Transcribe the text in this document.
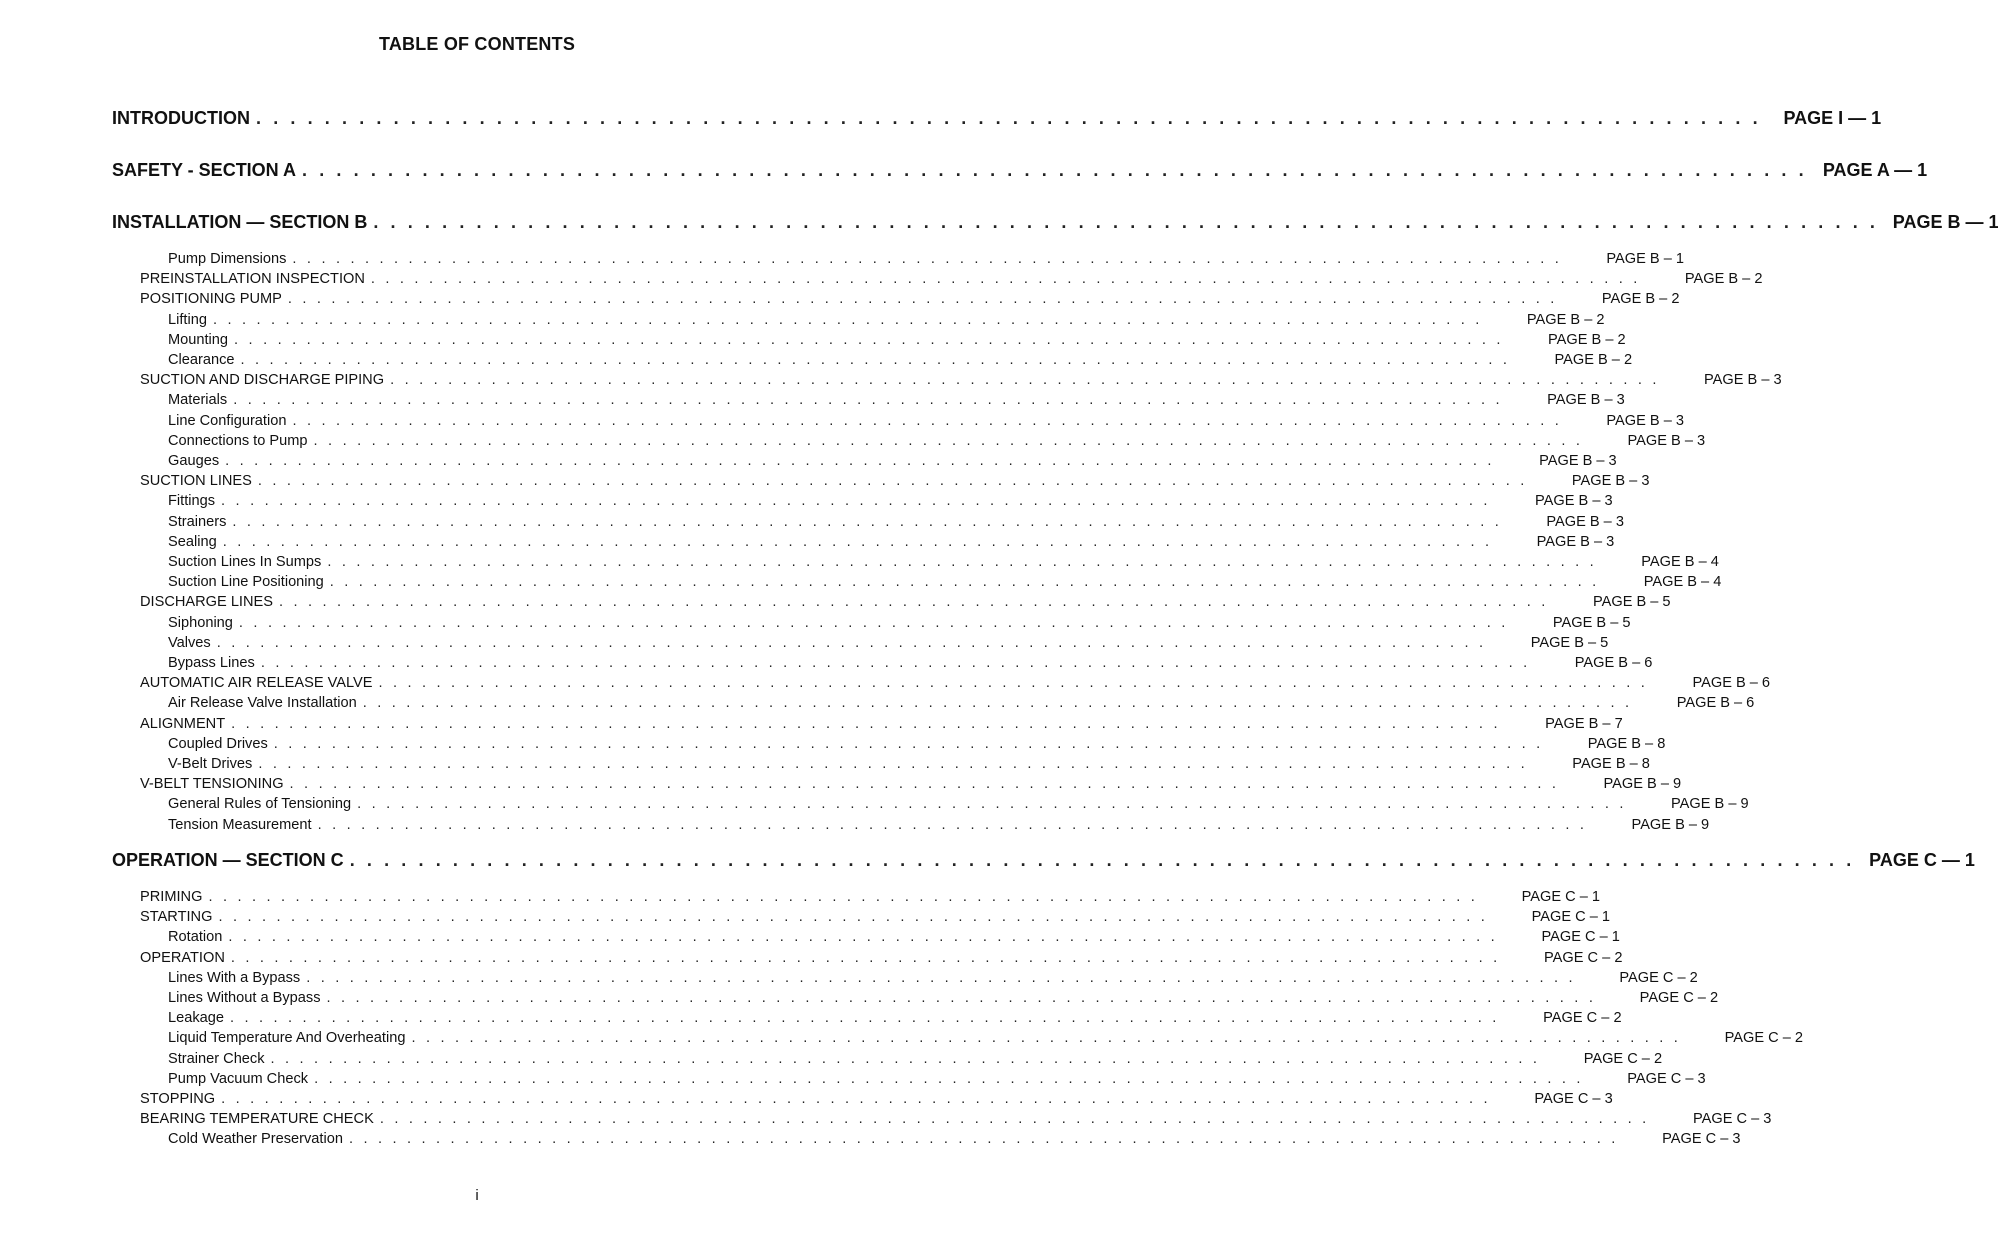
TABLE OF CONTENTS
INTRODUCTION . . . . . . . . . . . . . . . . . . . . . . . . . . . . . . . . . . . . . . . . . . . . . . . . . . . . . . . . . . . . . . . . . . . . . . . . . . . . . . . . . . . . . . . .	PAGE I — 1
SAFETY - SECTION A . . . . . . . . . . . . . . . . . . . . . . . . . . . . . . . . . . . . . . . . . . . . . . . . . . . . . . . . . . . . . . . . . . . . . . . . . . . . . . . . . . . . . . . . PAGE A — 1
INSTALLATION — SECTION B . . . . . . . . . . . . . . . . . . . . . . . . . . . . . . . . . . . . . . . . . . . . . . . . . . . . . . . . . . . . . . . . . . . . . . . . . . . . . . . . . . . . . . . . PAGE B — 1
Pump Dimensions . . . . . . . . . . . . . . . . . . . . . . . . . . . . . . . . . . . . . . . . . . . . . . . . . . . . . . . . . . . . . . . . . . . . . . . . . . . . . . . . . . . . . . . .	PAGE B – 1
PREINSTALLATION INSPECTION . . . . . . . . . . . . . . . . . . . . . . . . . . . . . . . . . . . . . . . . . . . . . . . . . . . . . . . . . . . . . . . . . . . . . . . . . . . . . . . . . . . . . . . .	PAGE B – 2
POSITIONING PUMP . . . . . . . . . . . . . . . . . . . . . . . . . . . . . . . . . . . . . . . . . . . . . . . . . . . . . . . . . . . . . . . . . . . . . . . . . . . . . . . . . . . . . . . .	PAGE B – 2
Lifting . . . . . . . . . . . . . . . . . . . . . . . . . . . . . . . . . . . . . . . . . . . . . . . . . . . . . . . . . . . . . . . . . . . . . . . . . . . . . . . . . . . . . . . .	PAGE B – 2
Mounting . . . . . . . . . . . . . . . . . . . . . . . . . . . . . . . . . . . . . . . . . . . . . . . . . . . . . . . . . . . . . . . . . . . . . . . . . . . . . . . . . . . . . . . .	PAGE B – 2
Clearance . . . . . . . . . . . . . . . . . . . . . . . . . . . . . . . . . . . . . . . . . . . . . . . . . . . . . . . . . . . . . . . . . . . . . . . . . . . . . . . . . . . . . . . .	PAGE B – 2
SUCTION AND DISCHARGE PIPING . . . . . . . . . . . . . . . . . . . . . . . . . . . . . . . . . . . . . . . . . . . . . . . . . . . . . . . . . . . . . . . . . . . . . . . . . . . . . . . . . . . . . . . .	PAGE B – 3
Materials . . . . . . . . . . . . . . . . . . . . . . . . . . . . . . . . . . . . . . . . . . . . . . . . . . . . . . . . . . . . . . . . . . . . . . . . . . . . . . . . . . . . . . . .	PAGE B – 3
Line Configuration . . . . . . . . . . . . . . . . . . . . . . . . . . . . . . . . . . . . . . . . . . . . . . . . . . . . . . . . . . . . . . . . . . . . . . . . . . . . . . . . . . . . . . . .	PAGE B – 3
Connections to Pump . . . . . . . . . . . . . . . . . . . . . . . . . . . . . . . . . . . . . . . . . . . . . . . . . . . . . . . . . . . . . . . . . . . . . . . . . . . . . . . . . . . . . . . .	PAGE B – 3
Gauges . . . . . . . . . . . . . . . . . . . . . . . . . . . . . . . . . . . . . . . . . . . . . . . . . . . . . . . . . . . . . . . . . . . . . . . . . . . . . . . . . . . . . . . .	PAGE B – 3
SUCTION LINES . . . . . . . . . . . . . . . . . . . . . . . . . . . . . . . . . . . . . . . . . . . . . . . . . . . . . . . . . . . . . . . . . . . . . . . . . . . . . . . . . . . . . . . .	PAGE B – 3
Fittings . . . . . . . . . . . . . . . . . . . . . . . . . . . . . . . . . . . . . . . . . . . . . . . . . . . . . . . . . . . . . . . . . . . . . . . . . . . . . . . . . . . . . . . .	PAGE B – 3
Strainers . . . . . . . . . . . . . . . . . . . . . . . . . . . . . . . . . . . . . . . . . . . . . . . . . . . . . . . . . . . . . . . . . . . . . . . . . . . . . . . . . . . . . . . .	PAGE B – 3
Sealing . . . . . . . . . . . . . . . . . . . . . . . . . . . . . . . . . . . . . . . . . . . . . . . . . . . . . . . . . . . . . . . . . . . . . . . . . . . . . . . . . . . . . . . .	PAGE B – 3
Suction Lines In Sumps . . . . . . . . . . . . . . . . . . . . . . . . . . . . . . . . . . . . . . . . . . . . . . . . . . . . . . . . . . . . . . . . . . . . . . . . . . . . . . . . . . . . . . . .	PAGE B – 4
Suction Line Positioning . . . . . . . . . . . . . . . . . . . . . . . . . . . . . . . . . . . . . . . . . . . . . . . . . . . . . . . . . . . . . . . . . . . . . . . . . . . . . . . . . . . . . . . .	PAGE B – 4
DISCHARGE LINES . . . . . . . . . . . . . . . . . . . . . . . . . . . . . . . . . . . . . . . . . . . . . . . . . . . . . . . . . . . . . . . . . . . . . . . . . . . . . . . . . . . . . . . .	PAGE B – 5
Siphoning . . . . . . . . . . . . . . . . . . . . . . . . . . . . . . . . . . . . . . . . . . . . . . . . . . . . . . . . . . . . . . . . . . . . . . . . . . . . . . . . . . . . . . . .	PAGE B – 5
Valves . . . . . . . . . . . . . . . . . . . . . . . . . . . . . . . . . . . . . . . . . . . . . . . . . . . . . . . . . . . . . . . . . . . . . . . . . . . . . . . . . . . . . . . .	PAGE B – 5
Bypass Lines . . . . . . . . . . . . . . . . . . . . . . . . . . . . . . . . . . . . . . . . . . . . . . . . . . . . . . . . . . . . . . . . . . . . . . . . . . . . . . . . . . . . . . . .	PAGE B – 6
AUTOMATIC AIR RELEASE VALVE . . . . . . . . . . . . . . . . . . . . . . . . . . . . . . . . . . . . . . . . . . . . . . . . . . . . . . . . . . . . . . . . . . . . . . . . . . . . . . . . . . . . . . . .	PAGE B – 6
Air Release Valve Installation . . . . . . . . . . . . . . . . . . . . . . . . . . . . . . . . . . . . . . . . . . . . . . . . . . . . . . . . . . . . . . . . . . . . . . . . . . . . . . . . . . . . . . . .	PAGE B – 6
ALIGNMENT . . . . . . . . . . . . . . . . . . . . . . . . . . . . . . . . . . . . . . . . . . . . . . . . . . . . . . . . . . . . . . . . . . . . . . . . . . . . . . . . . . . . . . . .	PAGE B – 7
Coupled Drives . . . . . . . . . . . . . . . . . . . . . . . . . . . . . . . . . . . . . . . . . . . . . . . . . . . . . . . . . . . . . . . . . . . . . . . . . . . . . . . . . . . . . . . .	PAGE B – 8
V-Belt Drives . . . . . . . . . . . . . . . . . . . . . . . . . . . . . . . . . . . . . . . . . . . . . . . . . . . . . . . . . . . . . . . . . . . . . . . . . . . . . . . . . . . . . . . .	PAGE B – 8
V-BELT TENSIONING . . . . . . . . . . . . . . . . . . . . . . . . . . . . . . . . . . . . . . . . . . . . . . . . . . . . . . . . . . . . . . . . . . . . . . . . . . . . . . . . . . . . . . . .	PAGE B – 9
General Rules of Tensioning . . . . . . . . . . . . . . . . . . . . . . . . . . . . . . . . . . . . . . . . . . . . . . . . . . . . . . . . . . . . . . . . . . . . . . . . . . . . . . . . . . . . . . . .	PAGE B – 9
Tension Measurement . . . . . . . . . . . . . . . . . . . . . . . . . . . . . . . . . . . . . . . . . . . . . . . . . . . . . . . . . . . . . . . . . . . . . . . . . . . . . . . . . . . . . . . .	PAGE B – 9
OPERATION — SECTION C . . . . . . . . . . . . . . . . . . . . . . . . . . . . . . . . . . . . . . . . . . . . . . . . . . . . . . . . . . . . . . . . . . . . . . . . . . . . . . . . . . . . . . . . PAGE C — 1
PRIMING . . . . . . . . . . . . . . . . . . . . . . . . . . . . . . . . . . . . . . . . . . . . . . . . . . . . . . . . . . . . . . . . . . . . . . . . . . . . . . . . . . . . . . . .	PAGE C – 1
STARTING . . . . . . . . . . . . . . . . . . . . . . . . . . . . . . . . . . . . . . . . . . . . . . . . . . . . . . . . . . . . . . . . . . . . . . . . . . . . . . . . . . . . . . . .	PAGE C – 1
Rotation . . . . . . . . . . . . . . . . . . . . . . . . . . . . . . . . . . . . . . . . . . . . . . . . . . . . . . . . . . . . . . . . . . . . . . . . . . . . . . . . . . . . . . . .	PAGE C – 1
OPERATION . . . . . . . . . . . . . . . . . . . . . . . . . . . . . . . . . . . . . . . . . . . . . . . . . . . . . . . . . . . . . . . . . . . . . . . . . . . . . . . . . . . . . . . .	PAGE C – 2
Lines With a Bypass . . . . . . . . . . . . . . . . . . . . . . . . . . . . . . . . . . . . . . . . . . . . . . . . . . . . . . . . . . . . . . . . . . . . . . . . . . . . . . . . . . . . . . . .	PAGE C – 2
Lines Without a Bypass . . . . . . . . . . . . . . . . . . . . . . . . . . . . . . . . . . . . . . . . . . . . . . . . . . . . . . . . . . . . . . . . . . . . . . . . . . . . . . . . . . . . . . . .	PAGE C – 2
Leakage . . . . . . . . . . . . . . . . . . . . . . . . . . . . . . . . . . . . . . . . . . . . . . . . . . . . . . . . . . . . . . . . . . . . . . . . . . . . . . . . . . . . . . . .	PAGE C – 2
Liquid Temperature And Overheating . . . . . . . . . . . . . . . . . . . . . . . . . . . . . . . . . . . . . . . . . . . . . . . . . . . . . . . . . . . . . . . . . . . . . . . . . . . . . . . . . . . . . . . .	PAGE C – 2
Strainer Check . . . . . . . . . . . . . . . . . . . . . . . . . . . . . . . . . . . . . . . . . . . . . . . . . . . . . . . . . . . . . . . . . . . . . . . . . . . . . . . . . . . . . . . .	PAGE C – 2
Pump Vacuum Check . . . . . . . . . . . . . . . . . . . . . . . . . . . . . . . . . . . . . . . . . . . . . . . . . . . . . . . . . . . . . . . . . . . . . . . . . . . . . . . . . . . . . . . .	PAGE C – 3
STOPPING . . . . . . . . . . . . . . . . . . . . . . . . . . . . . . . . . . . . . . . . . . . . . . . . . . . . . . . . . . . . . . . . . . . . . . . . . . . . . . . . . . . . . . . .	PAGE C – 3
BEARING TEMPERATURE CHECK . . . . . . . . . . . . . . . . . . . . . . . . . . . . . . . . . . . . . . . . . . . . . . . . . . . . . . . . . . . . . . . . . . . . . . . . . . . . . . . . . . . . . . . .	PAGE C – 3
Cold Weather Preservation . . . . . . . . . . . . . . . . . . . . . . . . . . . . . . . . . . . . . . . . . . . . . . . . . . . . . . . . . . . . . . . . . . . . . . . . . . . . . . . . . . . . . . . .	PAGE C – 3
i
